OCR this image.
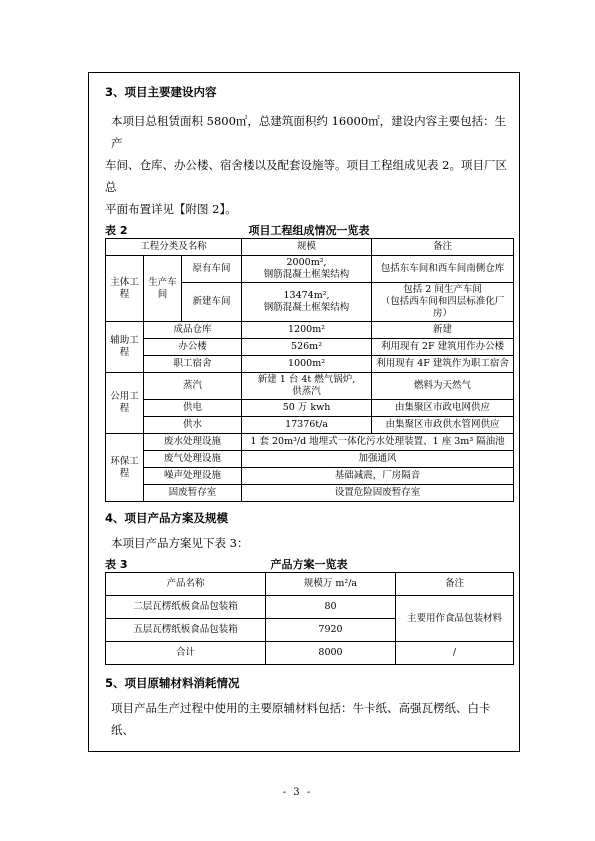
3、项目主要建设内容

本项目总租赁面积 5800㎡，总建筑面积约 16000㎡，建设内容主要包括：生产

车间、仓库、办公楼、宿舍楼以及配套设施等。项目工程组成见表 2。项目厂区总

平面布置详见【附图 2】。

表 2	项目工程组成情况一览表
工程分类及名称			规模	备注
主体工程	生产车间	原有车间	2000m²,
钢筋混凝土框架结构	包括东车间和西车间南侧仓库
		新建车间	13474m²,
钢筋混凝土框架结构	包括 2 间生产车间
（包括西车间和四层标准化厂房）
辅助工程	成品仓库		1200m²	新建
	办公楼		526m²	利用现有 2F 建筑用作办公楼
	职工宿舍		1000m²	利用现有 4F 建筑作为职工宿舍
公用工程	蒸汽		新建 1 台 4t 燃气锅炉,
供蒸汽	燃料为天然气
	供电		50 万 kwh	由集聚区市政电网供应
	供水		17376t/a	由集聚区市政供水管网供应
环保工程	废水处理设施		1 套 20m³/d 地埋式一体化污水处理装置、1 座 3m³ 隔油池	
	废气处理设施		加强通风	
	噪声处理设施		基础减震，厂房隔音	
	固废暂存室		设置危险固废暂存室	

4、项目产品方案及规模

本项目产品方案见下表 3：

表 3	产品方案一览表
产品名称	规模万 m²/a	备注
二层瓦楞纸板食品包装箱	80	主要用作食品包装材料
五层瓦楞纸板食品包装箱	7920	
合计	8000	/

5、项目原辅材料消耗情况

项目产品生产过程中使用的主要原辅材料包括：牛卡纸、高强瓦楞纸、白卡纸、

- 3 -
